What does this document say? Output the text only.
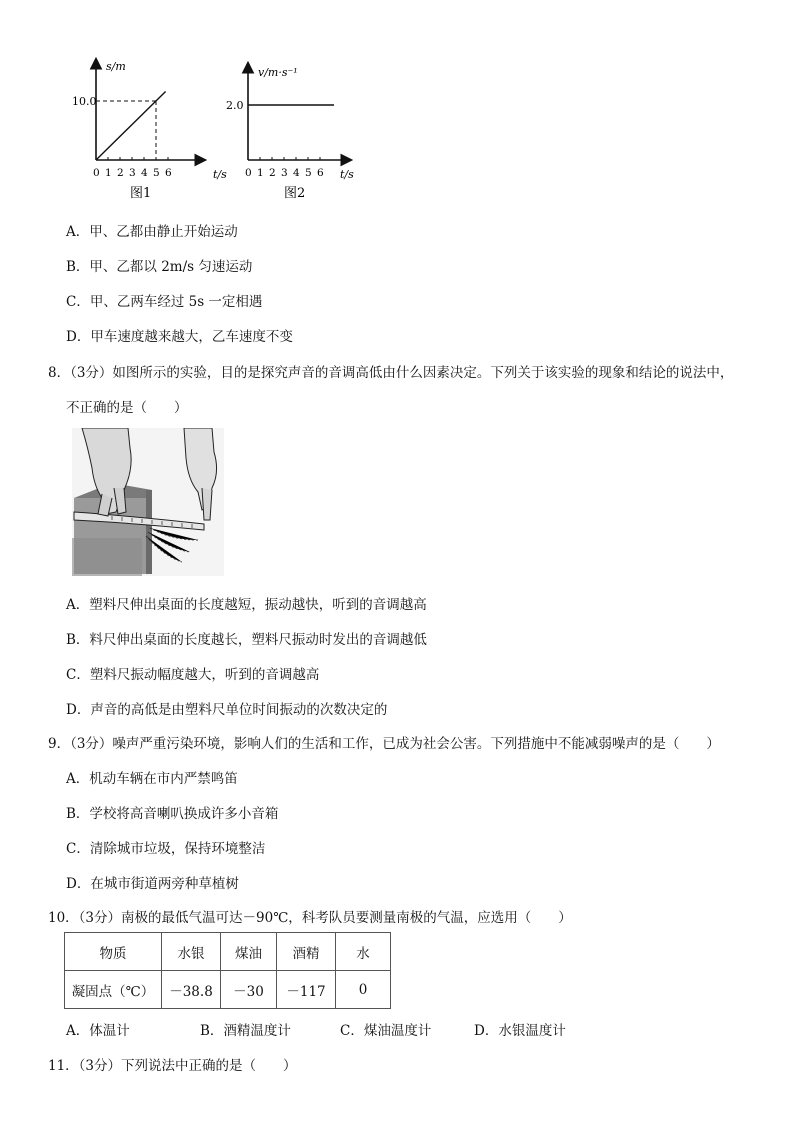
s/m
10.0
t/s
0 1 2 3 4 5 6
图1
v/m·s⁻¹
2.0
t/s
0 1 2 3 4 5 6
图2
A．甲、乙都由静止开始运动
B．甲、乙都以 2m/s 匀速运动
C．甲、乙两车经过 5s 一定相遇
D．甲车速度越来越大，乙车速度不变
8．（3分）如图所示的实验，目的是探究声音的音调高低由什么因素决定。下列关于该实验的现象和结论的说法中，
不正确的是（　　）
A．塑料尺伸出桌面的长度越短，振动越快，听到的音调越高
B．料尺伸出桌面的长度越长，塑料尺振动时发出的音调越低
C．塑料尺振动幅度越大，听到的音调越高
D．声音的高低是由塑料尺单位时间振动的次数决定的
9．（3分）噪声严重污染环境，影响人们的生活和工作，已成为社会公害。下列措施中不能减弱噪声的是（　　）
A．机动车辆在市内严禁鸣笛
B．学校将高音喇叭换成许多小音箱
C．清除城市垃圾，保持环境整洁
D．在城市街道两旁种草植树
10．（3分）南极的最低气温可达－90℃，科考队员要测量南极的气温，应选用（　　）
物质	水银	煤油	酒精	水
凝固点（℃）	－38.8	－30	－117	0
A．体温计	B．酒精温度计	C．煤油温度计	D．水银温度计
11．（3分）下列说法中正确的是（　　）
